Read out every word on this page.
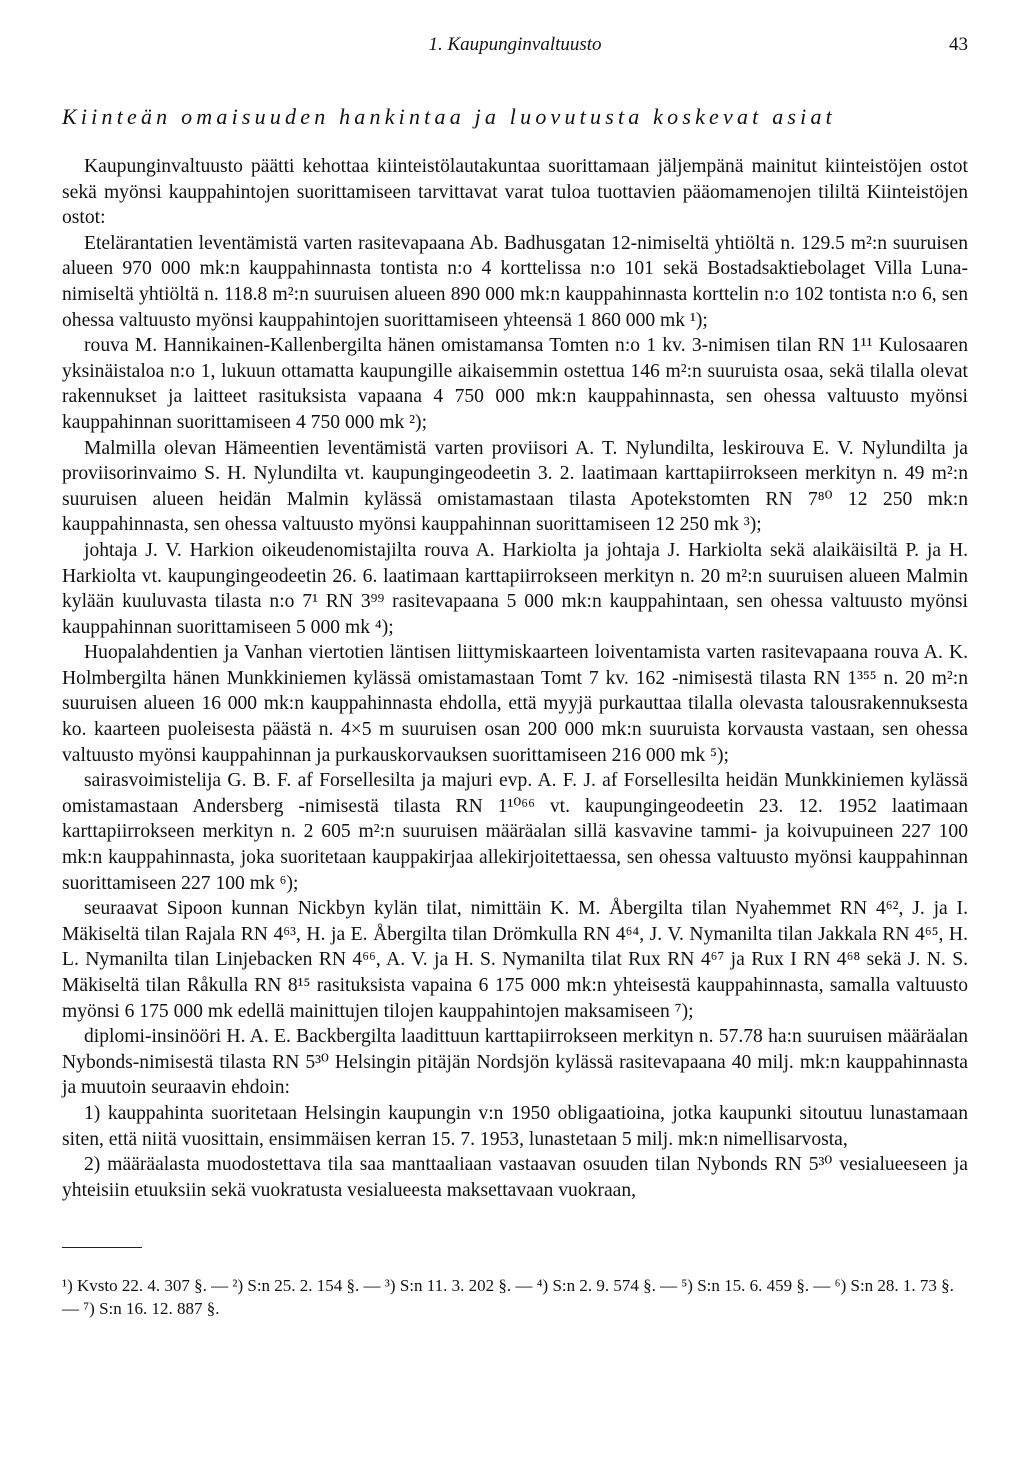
1. Kaupunginvaltuusto	43
Kiinteän omaisuuden hankintaa ja luovutusta koskevat asiat

Kaupunginvaltuusto päätti kehottaa kiinteistölautakuntaa suorittamaan jäljempänä mainitut kiinteistöjen ostot sekä myönsi kauppahintojen suorittamiseen tarvittavat varat tuloa tuottavien pääomamenojen tililtä Kiinteistöjen ostot:

Etelärantatien leventämistä varten rasitevapaana Ab. Badhusgatan 12-nimiseltä yhtiöltä n. 129.5 m²:n suuruisen alueen 970 000 mk:n kauppahinnasta tontista n:o 4 korttelissa n:o 101 sekä Bostadsaktiebolaget Villa Luna-nimiseltä yhtiöltä n. 118.8 m²:n suuruisen alueen 890 000 mk:n kauppahinnasta korttelin n:o 102 tontista n:o 6, sen ohessa valtuusto myönsi kauppahintojen suorittamiseen yhteensä 1 860 000 mk ¹);

rouva M. Hannikainen-Kallenbergilta hänen omistamansa Tomten n:o 1 kv. 3-nimisen tilan RN 1¹¹ Kulosaaren yksinäistaloa n:o 1, lukuun ottamatta kaupungille aikaisemmin ostettua 146 m²:n suuruista osaa, sekä tilalla olevat rakennukset ja laitteet rasituksista vapaana 4 750 000 mk:n kauppahinnasta, sen ohessa valtuusto myönsi kauppahinnan suorittamiseen 4 750 000 mk ²);

Malmilla olevan Hämeentien leventämistä varten proviisori A. T. Nylundilta, leskirouva E. V. Nylundilta ja proviisorinvaimo S. H. Nylundilta vt. kaupungingeodeetin 3. 2. laatimaan karttapiirrokseen merkityn n. 49 m²:n suuruisen alueen heidän Malmin kylässä omistamastaan tilasta Apotekstomten RN 7⁸⁰ 12 250 mk:n kauppahinnasta, sen ohessa valtuusto myönsi kauppahinnan suorittamiseen 12 250 mk ³);

johtaja J. V. Harkion oikeudenomistajilta rouva A. Harkiolta ja johtaja J. Harkiolta sekä alaikäisiltä P. ja H. Harkiolta vt. kaupungingeodeetin 26. 6. laatimaan karttapiirrokseen merkityn n. 20 m²:n suuruisen alueen Malmin kylään kuuluvasta tilasta n:o 7¹ RN 3⁹⁹ rasitevapaana 5 000 mk:n kauppahintaan, sen ohessa valtuusto myönsi kauppahinnan suorittamiseen 5 000 mk ⁴);

Huopalahdentien ja Vanhan viertotien läntisen liittymiskaarteen loiventamista varten rasitevapaana rouva A. K. Holmbergilta hänen Munkkiniemen kylässä omistamastaan Tomt 7 kv. 162 -nimisestä tilasta RN 1³⁵⁵ n. 20 m²:n suuruisen alueen 16 000 mk:n kauppahinnasta ehdolla, että myyjä purkauttaa tilalla olevasta talousrakennuksesta ko. kaarteen puoleisesta päästä n. 4×5 m suuruisen osan 200 000 mk:n suuruista korvausta vastaan, sen ohessa valtuusto myönsi kauppahinnan ja purkauskorvauksen suorittamiseen 216 000 mk ⁵);

sairasvoimistelija G. B. F. af Forsellesilta ja majuri evp. A. F. J. af Forsellesilta heidän Munkkiniemen kylässä omistamastaan Andersberg -nimisestä tilasta RN 1¹⁰⁶⁶ vt. kaupungingeodeetin 23. 12. 1952 laatimaan karttapiirrokseen merkityn n. 2 605 m²:n suuruisen määräalan sillä kasvavine tammi- ja koivupuineen 227 100 mk:n kauppahinnasta, joka suoritetaan kauppakirjaa allekirjoitettaessa, sen ohessa valtuusto myönsi kauppahinnan suorittamiseen 227 100 mk ⁶);

seuraavat Sipoon kunnan Nickbyn kylän tilat, nimittäin K. M. Åbergilta tilan Nyahemmet RN 4⁶², J. ja I. Mäkiseltä tilan Rajala RN 4⁶³, H. ja E. Åbergilta tilan Drömkulla RN 4⁶⁴, J. V. Nymanilta tilan Jakkala RN 4⁶⁵, H. L. Nymanilta tilan Linjebacken RN 4⁶⁶, A. V. ja H. S. Nymanilta tilat Rux RN 4⁶⁷ ja Rux I RN 4⁶⁸ sekä J. N. S. Mäkiseltä tilan Råkulla RN 8¹⁵ rasituksista vapaina 6 175 000 mk:n yhteisestä kauppahinnasta, samalla valtuusto myönsi 6 175 000 mk edellä mainittujen tilojen kauppahintojen maksamiseen ⁷);

diplomi-insinööri H. A. E. Backbergilta laadittuun karttapiirrokseen merkityn n. 57.78 ha:n suuruisen määräalan Nybonds-nimisestä tilasta RN 5³⁰ Helsingin pitäjän Nordsjön kylässä rasitevapaana 40 milj. mk:n kauppahinnasta ja muutoin seuraavin ehdoin:

1) kauppahinta suoritetaan Helsingin kaupungin v:n 1950 obligaatioina, jotka kaupunki sitoutuu lunastamaan siten, että niitä vuosittain, ensimmäisen kerran 15. 7. 1953, lunastetaan 5 milj. mk:n nimellisarvosta,

2) määräalasta muodostettava tila saa manttaaliaan vastaavan osuuden tilan Nybonds RN 5³⁰ vesialueeseen ja yhteisiin etuuksiin sekä vuokratusta vesialueesta maksettavaan vuokraan,

¹) Kvsto 22. 4. 307 §. — ²) S:n 25. 2. 154 §. — ³) S:n 11. 3. 202 §. — ⁴) S:n 2. 9. 574 §. — ⁵) S:n 15. 6. 459 §. — ⁶) S:n 28. 1. 73 §. — ⁷) S:n 16. 12. 887 §.
